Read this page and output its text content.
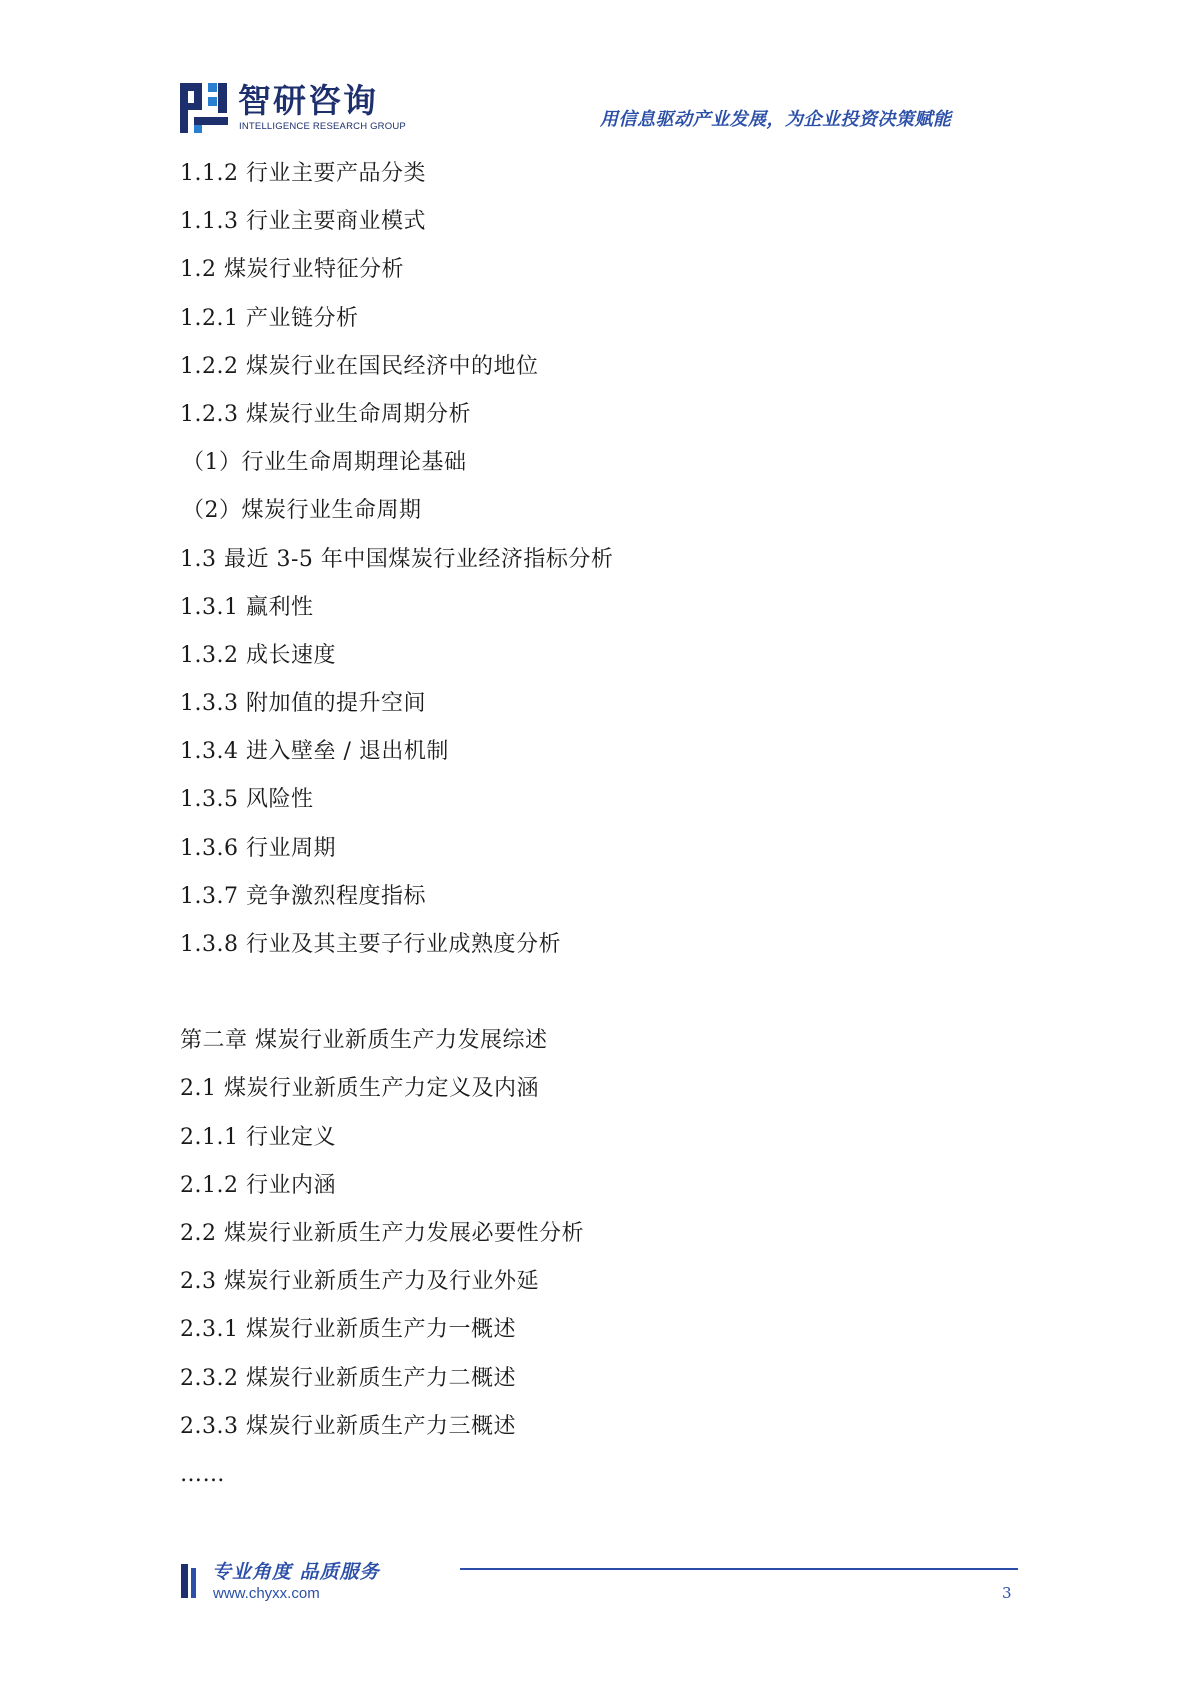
智研咨询
INTELLIGENCE RESEARCH GROUP	用信息驱动产业发展，为企业投资决策赋能
1.1.2 行业主要产品分类
1.1.3 行业主要商业模式
1.2 煤炭行业特征分析
1.2.1 产业链分析
1.2.2 煤炭行业在国民经济中的地位
1.2.3 煤炭行业生命周期分析
（1）行业生命周期理论基础
（2）煤炭行业生命周期
1.3 最近 3-5 年中国煤炭行业经济指标分析
1.3.1 赢利性
1.3.2 成长速度
1.3.3 附加值的提升空间
1.3.4 进入壁垒 / 退出机制
1.3.5 风险性
1.3.6 行业周期
1.3.7 竞争激烈程度指标
1.3.8 行业及其主要子行业成熟度分析
第二章 煤炭行业新质生产力发展综述
2.1 煤炭行业新质生产力定义及内涵
2.1.1 行业定义
2.1.2 行业内涵
2.2 煤炭行业新质生产力发展必要性分析
2.3 煤炭行业新质生产力及行业外延
2.3.1 煤炭行业新质生产力一概述
2.3.2 煤炭行业新质生产力二概述
2.3.3 煤炭行业新质生产力三概述
……
专业角度 品质服务
www.chyxx.com	3
